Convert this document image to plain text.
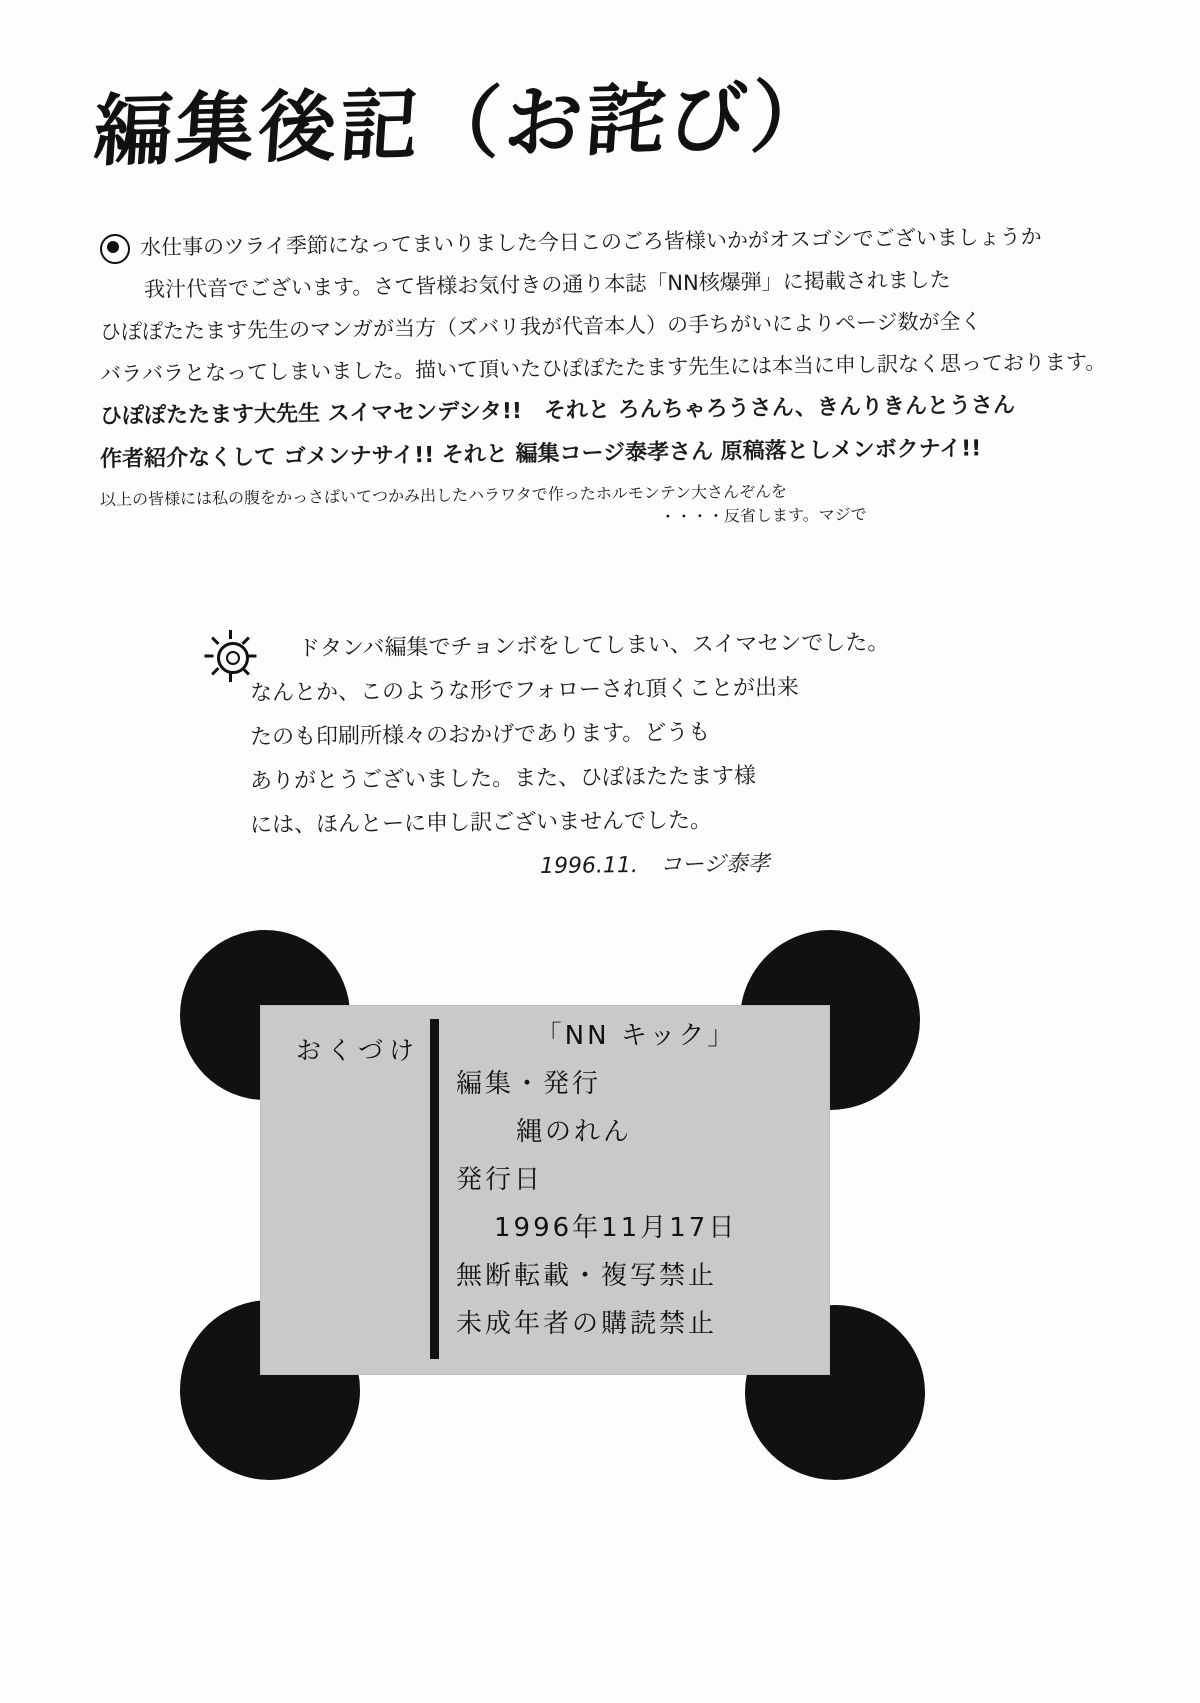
編集後記（お詫び）
水仕事のツライ季節になってまいりました今日このごろ皆様いかがオスゴシでございましょうか
我汁代音でございます。さて皆様お気付きの通り本誌「NN核爆弾」に掲載されました
ひぽぽたたます先生のマンガが当方（ズバリ我が代音本人）の手ちがいによりページ数が全く
バラバラとなってしまいました。描いて頂いたひぽぽたたます先生には本当に申し訳なく思っております。
ひぽぽたたます大先生 スイマセンデシタ!!　それと ろんちゃろうさん、きんりきんとうさん
作者紹介なくして ゴメンナサイ!! それと 編集コージ泰孝さん 原稿落としメンボクナイ!!
以上の皆様には私の腹をかっさばいてつかみ出したハラワタで作ったホルモンテン大さんぞんを
・・・・反省します。マジで
ドタンバ編集でチョンボをしてしまい、スイマセンでした。
なんとか、このような形でフォローされ頂くことが出来
たのも印刷所様々のおかげであります。どうも
ありがとうございました。また、ひぽほたたます様
には、ほんとーに申し訳ございませんでした。
1996.11.　コージ泰孝
おくづけ	「NN キック」
編集・発行
縄のれん
発行日
1996年11月17日
無断転載・複写禁止
未成年者の購読禁止
